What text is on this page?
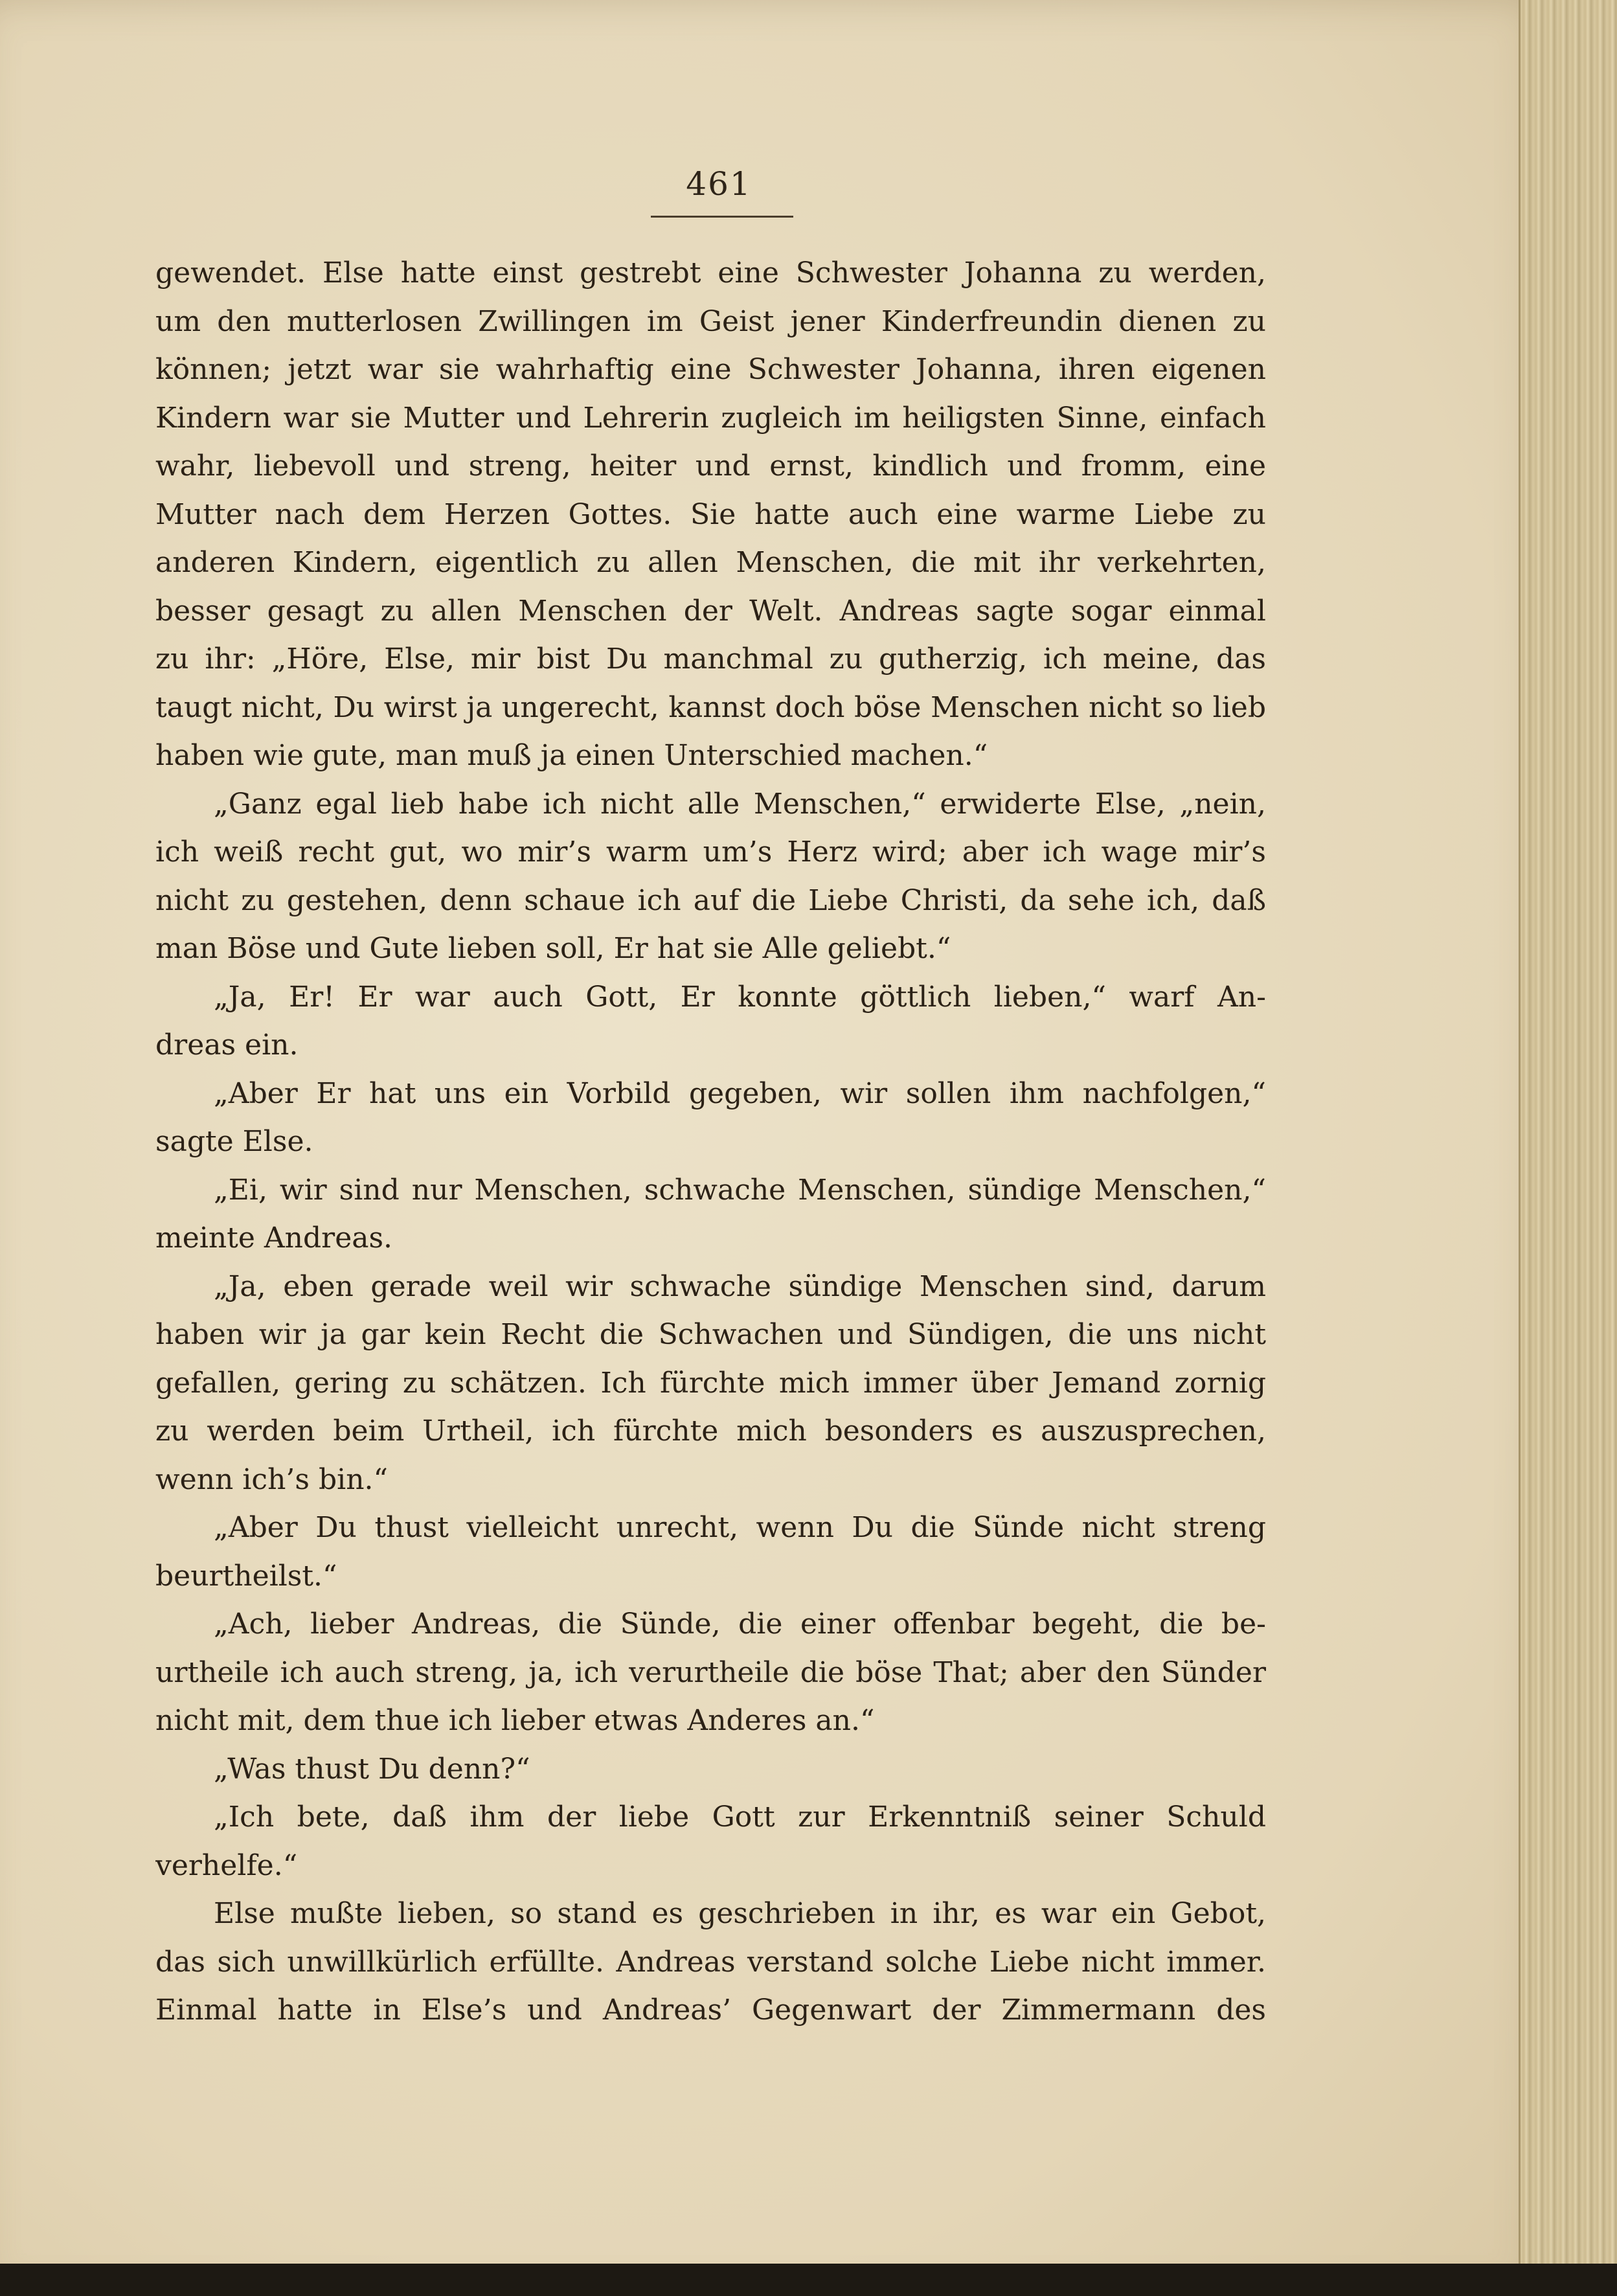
461
gewendet. Else hatte einst gestrebt eine Schwester Johanna zu werden,
um den mutterlosen Zwillingen im Geist jener Kinderfreundin dienen zu
können; jetzt war sie wahrhaftig eine Schwester Johanna, ihren eigenen
Kindern war sie Mutter und Lehrerin zugleich im heiligsten Sinne, einfach
wahr, liebevoll und streng, heiter und ernst, kindlich und fromm, eine
Mutter nach dem Herzen Gottes. Sie hatte auch eine warme Liebe zu
anderen Kindern, eigentlich zu allen Menschen, die mit ihr verkehrten,
besser gesagt zu allen Menschen der Welt. Andreas sagte sogar einmal
zu ihr: „Höre, Else, mir bist Du manchmal zu gutherzig, ich meine, das
taugt nicht, Du wirst ja ungerecht, kannst doch böse Menschen nicht so lieb
haben wie gute, man muß ja einen Unterschied machen.“
„Ganz egal lieb habe ich nicht alle Menschen,“ erwiderte Else, „nein,
ich weiß recht gut, wo mir’s warm um’s Herz wird; aber ich wage mir’s
nicht zu gestehen, denn schaue ich auf die Liebe Christi, da sehe ich, daß
man Böse und Gute lieben soll, Er hat sie Alle geliebt.“
„Ja, Er! Er war auch Gott, Er konnte göttlich lieben,“ warf An-
dreas ein.
„Aber Er hat uns ein Vorbild gegeben, wir sollen ihm nachfolgen,“
sagte Else.
„Ei, wir sind nur Menschen, schwache Menschen, sündige Menschen,“
meinte Andreas.
„Ja, eben gerade weil wir schwache sündige Menschen sind, darum
haben wir ja gar kein Recht die Schwachen und Sündigen, die uns nicht
gefallen, gering zu schätzen. Ich fürchte mich immer über Jemand zornig
zu werden beim Urtheil, ich fürchte mich besonders es auszusprechen,
wenn ich’s bin.“
„Aber Du thust vielleicht unrecht, wenn Du die Sünde nicht streng
beurtheilst.“
„Ach, lieber Andreas, die Sünde, die einer offenbar begeht, die be-
urtheile ich auch streng, ja, ich verurtheile die böse That; aber den Sünder
nicht mit, dem thue ich lieber etwas Anderes an.“
„Was thust Du denn?“
„Ich bete, daß ihm der liebe Gott zur Erkenntniß seiner Schuld
verhelfe.“
Else mußte lieben, so stand es geschrieben in ihr, es war ein Gebot,
das sich unwillkürlich erfüllte. Andreas verstand solche Liebe nicht immer.
Einmal hatte in Else’s und Andreas’ Gegenwart der Zimmermann des
